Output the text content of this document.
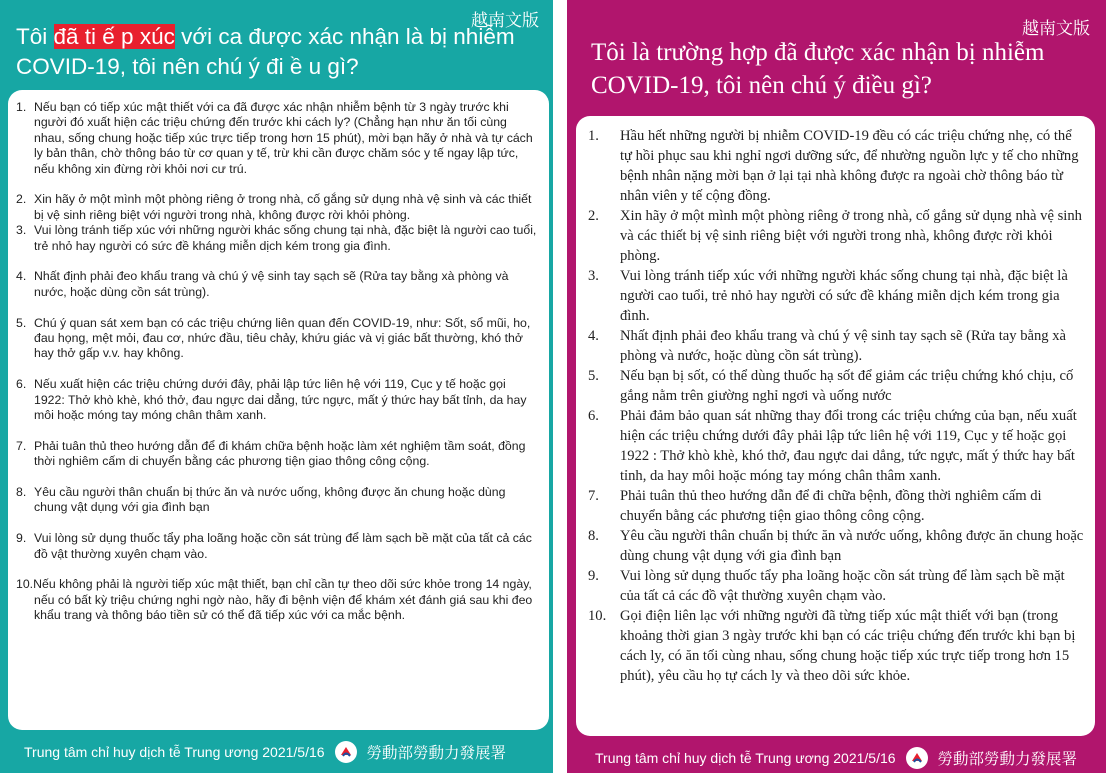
越南文版
Tôi đã ti ế p xúc với ca được xác nhận là bị nhiễm COVID-19, tôi nên chú ý đi ề u gì?
1. Nếu bạn có tiếp xúc mật thiết với ca đã được xác nhận nhiễm bệnh từ 3 ngày trước khi người đó xuất hiện các triệu chứng đến trước khi cách ly? (Chẳng hạn như ăn tối cùng nhau, sống chung hoặc tiếp xúc trực tiếp trong hơn 15 phút), mời bạn hãy ở nhà và tự cách ly bản thân, chờ thông báo từ cơ quan y tế, trừ khi cần được chăm sóc y tế ngay lập tức, nếu không xin đừng rời khỏi nơi cư trú.
2. Xin hãy ở một mình một phòng riêng ở trong nhà, cố gắng sử dụng nhà vệ sinh và các thiết bị vệ sinh riêng biệt với người trong nhà, không được rời khỏi phòng.
3. Vui lòng tránh tiếp xúc với những người khác sống chung tại nhà, đặc biệt là người cao tuổi, trẻ nhỏ hay người có sức đề kháng miễn dịch kém trong gia đình.
4. Nhất định phải đeo khẩu trang và chú ý vệ sinh tay sạch sẽ (Rửa tay bằng xà phòng và nước, hoặc dùng cồn sát trùng).
5. Chú ý quan sát xem bạn có các triệu chứng liên quan đến COVID-19, như: Sốt, sổ mũi, ho, đau họng, mệt mỏi, đau cơ, nhức đầu, tiêu chảy, khứu giác và vị giác bất thường, khó thở hay thở gấp v.v. hay không.
6. Nếu xuất hiện các triệu chứng dưới đây, phải lập tức liên hệ với 119, Cục y tế hoặc gọi 1922: Thở khò khè, khó thở, đau ngực dai dẳng, tức ngực, mất ý thức hay bất tỉnh, da hay môi hoặc móng tay móng chân thâm xanh.
7. Phải tuân thủ theo hướng dẫn để đi khám chữa bệnh hoặc làm xét nghiệm tầm soát, đồng thời nghiêm cấm di chuyển bằng các phương tiện giao thông công cộng.
8. Yêu cầu người thân chuẩn bị thức ăn và nước uống, không được ăn chung hoặc dùng chung vật dụng với gia đình bạn
9. Vui lòng sử dụng thuốc tẩy pha loãng hoặc cồn sát trùng để làm sạch bề mặt của tất cả các đồ vật thường xuyên chạm vào.
10.Nếu không phải là người tiếp xúc mật thiết, bạn chỉ cần tự theo dõi sức khỏe trong 14 ngày, nếu có bất kỳ triệu chứng nghi ngờ nào, hãy đi bệnh viện để khám xét đánh giá sau khi đeo khẩu trang và thông báo tiền sử có thể đã tiếp xúc với ca mắc bệnh.
Trung tâm chỉ huy dịch tễ Trung ương 2021/5/16	勞動部勞動力發展署
越南文版
Tôi là trường hợp đã được xác nhận bị nhiễm COVID-19, tôi nên chú ý điều gì?
1. Hầu hết những người bị nhiễm COVID-19 đều có các triệu chứng nhẹ, có thể tự hồi phục sau khi nghỉ ngơi dưỡng sức, để nhường nguồn lực y tế cho những bệnh nhân nặng mời bạn ở lại tại nhà không được ra ngoài chờ thông báo từ nhân viên y tế cộng đồng.
2. Xin hãy ở một mình một phòng riêng ở trong nhà, cố gắng sử dụng nhà vệ sinh và các thiết bị vệ sinh riêng biệt với người trong nhà, không được rời khỏi phòng.
3. Vui lòng tránh tiếp xúc với những người khác sống chung tại nhà, đặc biệt là người cao tuổi, trẻ nhỏ hay người có sức đề kháng miễn dịch kém trong gia đình.
4. Nhất định phải đeo khẩu trang và chú ý vệ sinh tay sạch sẽ (Rửa tay bằng xà phòng và nước, hoặc dùng cồn sát trùng).
5. Nếu bạn bị sốt, có thể dùng thuốc hạ sốt để giảm các triệu chứng khó chịu, cố gắng nằm trên giường nghỉ ngơi và uống nước
6. Phải đảm bảo quan sát những thay đổi trong các triệu chứng của bạn, nếu xuất hiện các triệu chứng dưới đây phải lập tức liên hệ với 119, Cục y tế hoặc gọi 1922 : Thở khò khè, khó thở, đau ngực dai dẳng, tức ngực, mất ý thức hay bất tỉnh, da hay môi hoặc móng tay móng chân thâm xanh.
7. Phải tuân thủ theo hướng dẫn để đi chữa bệnh, đồng thời nghiêm cấm di chuyển bằng các phương tiện giao thông công cộng.
8. Yêu cầu người thân chuẩn bị thức ăn và nước uống, không được ăn chung hoặc dùng chung vật dụng với gia đình bạn
9. Vui lòng sử dụng thuốc tẩy pha loãng hoặc cồn sát trùng để làm sạch bề mặt của tất cả các đồ vật thường xuyên chạm vào.
10. Gọi điện liên lạc với những người đã từng tiếp xúc mật thiết với bạn (trong khoảng thời gian 3 ngày trước khi bạn có các triệu chứng đến trước khi bạn bị cách ly, có ăn tối cùng nhau, sống chung hoặc tiếp xúc trực tiếp trong hơn 15 phút), yêu cầu họ tự cách ly và theo dõi sức khỏe.
Trung tâm chỉ huy dịch tễ Trung ương 2021/5/16	勞動部勞動力發展署
